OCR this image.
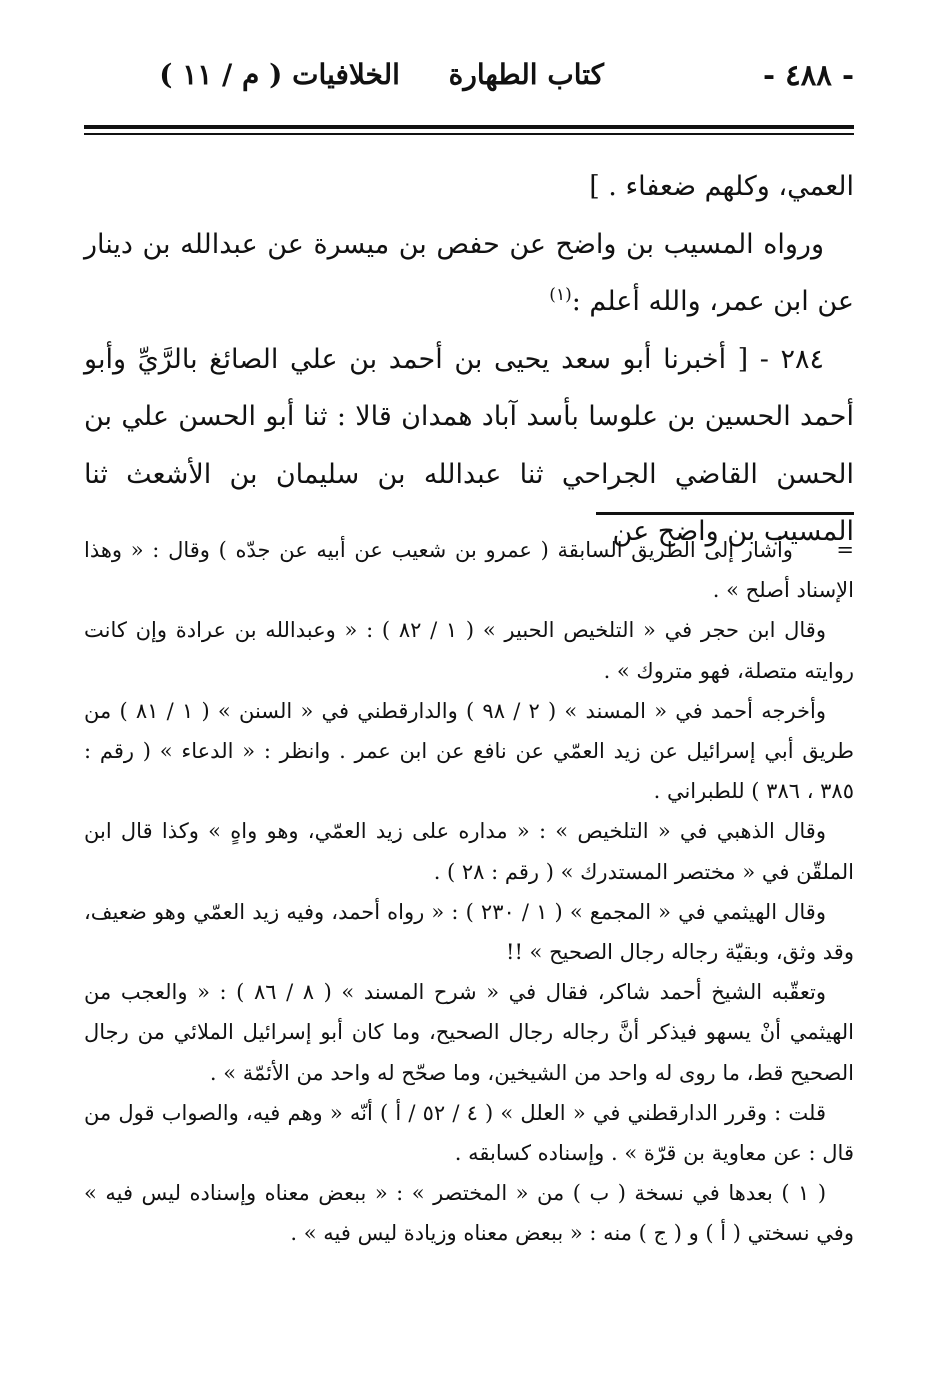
- ٤٨٨ -
كتاب الطهارة     الخلافيات ( م / ١١ )

العمي، وكلهم ضعفاء . ]

ورواه المسيب بن واضح عن حفص بن ميسرة عن عبدالله بن دينار عن ابن عمر، والله أعلم :$^{(١)}$

٢٨٤ - [ أخبرنا أبو سعد يحيى بن أحمد بن علي الصائغ بالرَّيِّ وأبو أحمد الحسين بن علوسا بأسد آباد همدان قالا : ثنا أبو الحسن علي بن الحسن القاضي الجراحي ثنا عبدالله بن سليمان بن الأشعث ثنا المسيب بن واضح عن

=     وأشار إلى الطريق السابقة ( عمرو بن شعيب عن أبيه عن جدّه ) وقال : « وهذا الإسناد أصلح » .

وقال ابن حجر في « التلخيص الحبير » ( ١ / ٨٢ ) : « وعبدالله بن عرادة وإن كانت روايته متصلة، فهو متروك » .

وأخرجه أحمد في « المسند » ( ٢ / ٩٨ ) والدارقطني في « السنن » ( ١ / ٨١ ) من طريق أبي إسرائيل عن زيد العمّي عن نافع عن ابن عمر . وانظر : « الدعاء » ( رقم : ٣٨٥ ، ٣٨٦ ) للطبراني .

وقال الذهبي في « التلخيص » : « مداره على زيد العمّي، وهو واهٍ » وكذا قال ابن الملقّن في « مختصر المستدرك » ( رقم : ٢٨ ) .

وقال الهيثمي في « المجمع » ( ١ / ٢٣٠ ) : « رواه أحمد، وفيه زيد العمّي وهو ضعيف، وقد وثق، وبقيّة رجاله رجال الصحيح » !!

وتعقّبه الشيخ أحمد شاكر، فقال في « شرح المسند » ( ٨ / ٨٦ ) : « والعجب من الهيثمي أنْ يسهو فيذكر أنَّ رجاله رجال الصحيح، وما كان أبو إسرائيل الملائي من رجال الصحيح قط، ما روى له واحد من الشيخين، وما صحّح له واحد من الأئمّة » .

قلت : وقرر الدارقطني في « العلل » ( ٤ / ٥٢ / أ ) أنّه « وهم فيه، والصواب قول من قال : عن معاوية بن قرّة » . وإسناده كسابقه .

( ١ ) بعدها في نسخة ( ب ) من « المختصر » : « ببعض معناه وإسناده ليس فيه » وفي نسختي ( أ ) و ( ج ) منه : « ببعض معناه وزيادة ليس فيه » .
